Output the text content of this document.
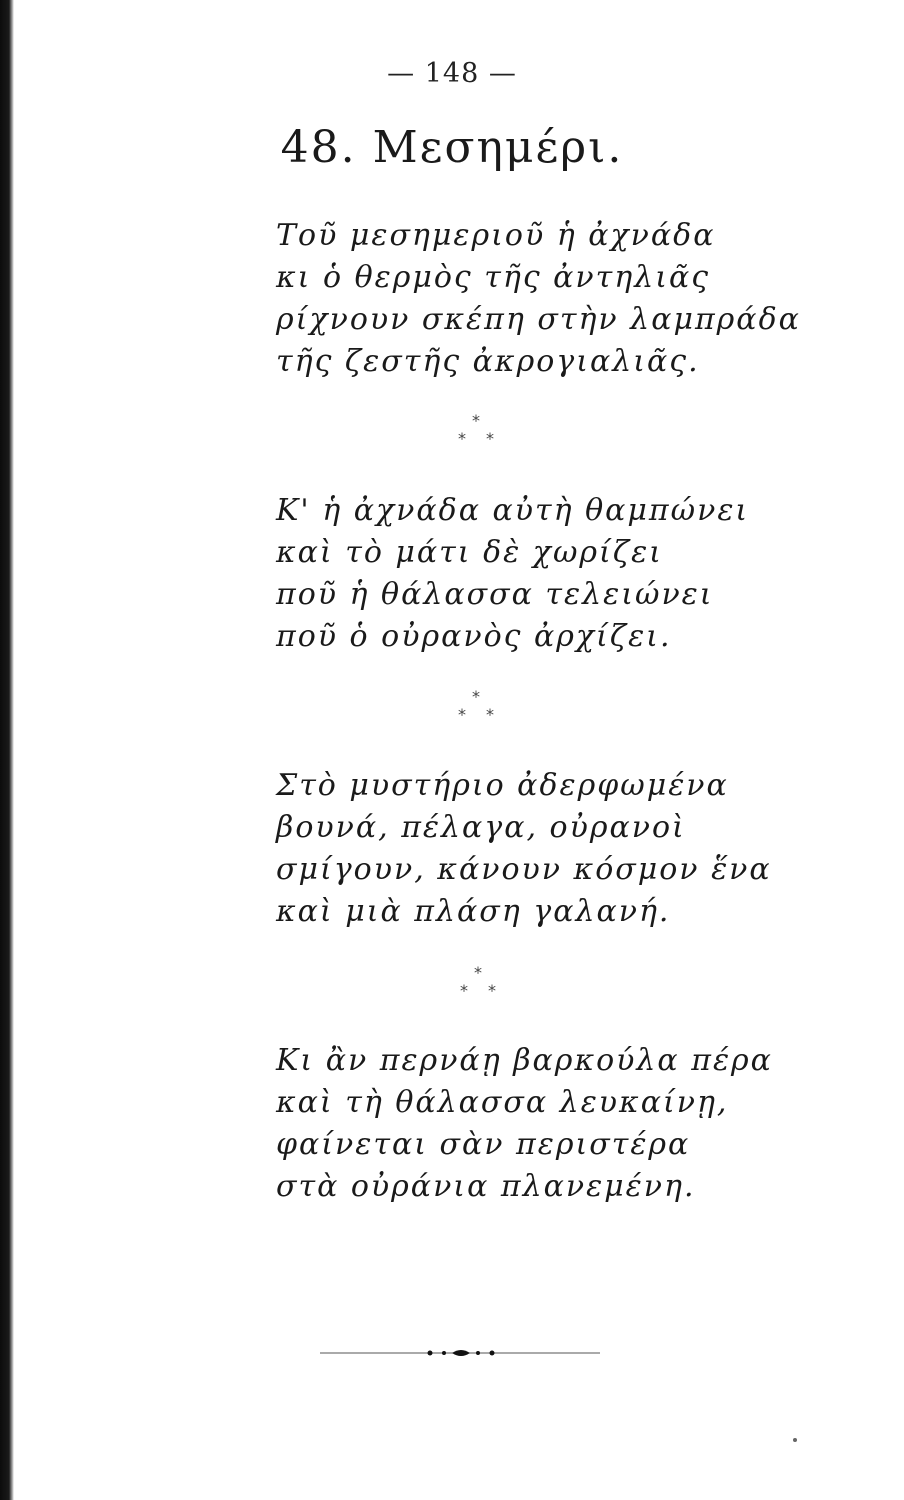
— 148 —
48. Μεσημέρι.
Τοῦ μεσημεριοῦ ἡ ἀχνάδα
κι ὁ θερμὸς τῆς ἀντηλιᾶς
ρίχνουν σκέπη στὴν λαμπράδα
τῆς ζεστῆς ἀκρογιαλιᾶς.
*
* *
Κ' ἡ ἀχνάδα αὐτὴ θαμπώνει
καὶ τὸ μάτι δὲ χωρίζει
ποῦ ἡ θάλασσα τελειώνει
ποῦ ὁ οὐρανὸς ἀρχίζει.
*
* *
Στὸ μυστήριο ἀδερφωμένα
βουνά, πέλαγα, οὐρανοὶ
σμίγουν, κάνουν κόσμον ἕνα
καὶ μιὰ πλάση γαλανή.
*
* *
Κι ἂν περνάῃ βαρκούλα πέρα
καὶ τὴ θάλασσα λευκαίνῃ,
φαίνεται σὰν περιστέρα
στὰ οὐράνια πλανεμένη.
